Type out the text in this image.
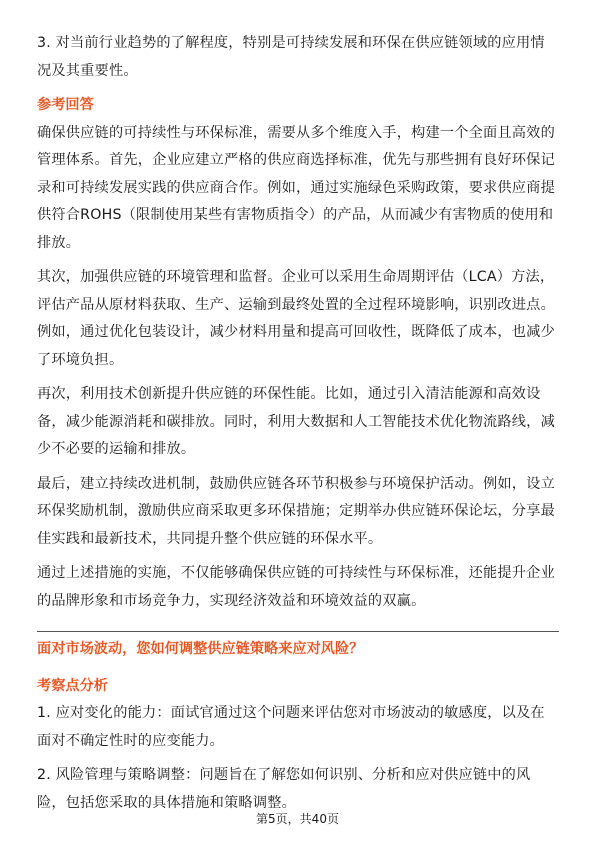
3. 对当前行业趋势的了解程度，特别是可持续发展和环保在供应链领域的应用情况及其重要性。

参考回答

确保供应链的可持续性与环保标准，需要从多个维度入手，构建一个全面且高效的管理体系。首先，企业应建立严格的供应商选择标准，优先与那些拥有良好环保记录和可持续发展实践的供应商合作。例如，通过实施绿色采购政策，要求供应商提供符合ROHS（限制使用某些有害物质指令）的产品，从而减少有害物质的使用和排放。

其次，加强供应链的环境管理和监督。企业可以采用生命周期评估（LCA）方法，评估产品从原材料获取、生产、运输到最终处置的全过程环境影响，识别改进点。例如，通过优化包装设计，减少材料用量和提高可回收性，既降低了成本，也减少了环境负担。

再次，利用技术创新提升供应链的环保性能。比如，通过引入清洁能源和高效设备，减少能源消耗和碳排放。同时，利用大数据和人工智能技术优化物流路线，减少不必要的运输和排放。

最后，建立持续改进机制，鼓励供应链各环节积极参与环境保护活动。例如，设立环保奖励机制，激励供应商采取更多环保措施；定期举办供应链环保论坛，分享最佳实践和最新技术，共同提升整个供应链的环保水平。

通过上述措施的实施，不仅能够确保供应链的可持续性与环保标准，还能提升企业的品牌形象和市场竞争力，实现经济效益和环境效益的双赢。

面对市场波动，您如何调整供应链策略来应对风险？

考察点分析

1. 应对变化的能力：面试官通过这个问题来评估您对市场波动的敏感度，以及在面对不确定性时的应变能力。

2. 风险管理与策略调整：问题旨在了解您如何识别、分析和应对供应链中的风险，包括您采取的具体措施和策略调整。

第5页，共40页
